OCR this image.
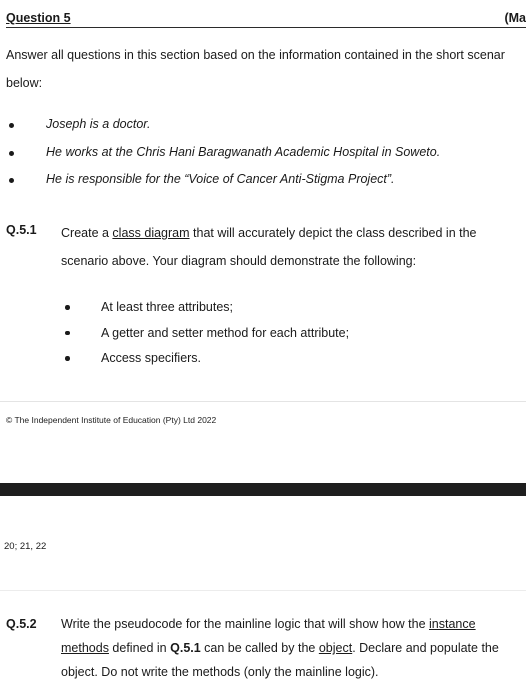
Question 5	(Ma
Answer all questions in this section based on the information contained in the short scenar
below:
Joseph is a doctor.
He works at the Chris Hani Baragwanath Academic Hospital in Soweto.
He is responsible for the “Voice of Cancer Anti-Stigma Project”.
Q.5.1 Create a class diagram that will accurately depict the class described in the scenario above. Your diagram should demonstrate the following:
At least three attributes;
A getter and setter method for each attribute;
Access specifiers.
© The Independent Institute of Education (Pty) Ltd 2022
20; 21, 22
Q.5.2 Write the pseudocode for the mainline logic that will show how the instance methods defined in Q.5.1 can be called by the object. Declare and populate the object. Do not write the methods (only the mainline logic).
